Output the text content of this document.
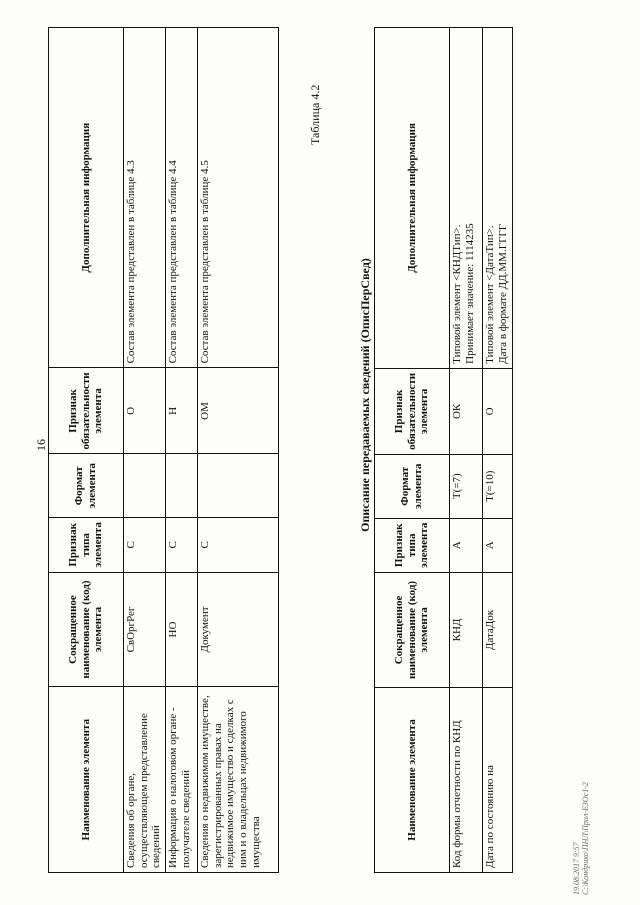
16
Наименование элемента	Сокращенное наименование (код) элемента	Признак типа элемента	Формат элемента	Признак обязательности элемента	Дополнительная информация
Сведения об органе, осуществляющем представление сведений	СвОргРег	С		О	Состав элемента представлен в таблице 4.3
Информация о налоговом органе - получателе сведений	НО	С		Н	Состав элемента представлен в таблице 4.4
Сведения о недвижимом имуществе, зарегистрированных правах на недвижимое имущество и сделках с ним и о владельцах недвижимого имущества	Документ	С		ОМ	Состав элемента представлен в таблице 4.5
Таблица 4.2
Описание передаваемых сведений (ОписПерСвед)
Наименование элемента	Сокращенное наименование (код) элемента	Признак типа элемента	Формат элемента	Признак обязательности элемента	Дополнительная информация
Код формы отчетности по КНД	КНД	А	T(=7)	ОК	Типовой элемент <КНДТип>. Принимает значение: 1114235

Дата по состоянию на	ДатаДок	А	T(=10)	О	Типовой элемент <ДатаТип>. Дата в формате ДД.ММ.ГГГГ
19.08.2017 9:57 С:\Кондрико\ПНЛ\Прил-Е3Ос1-2
